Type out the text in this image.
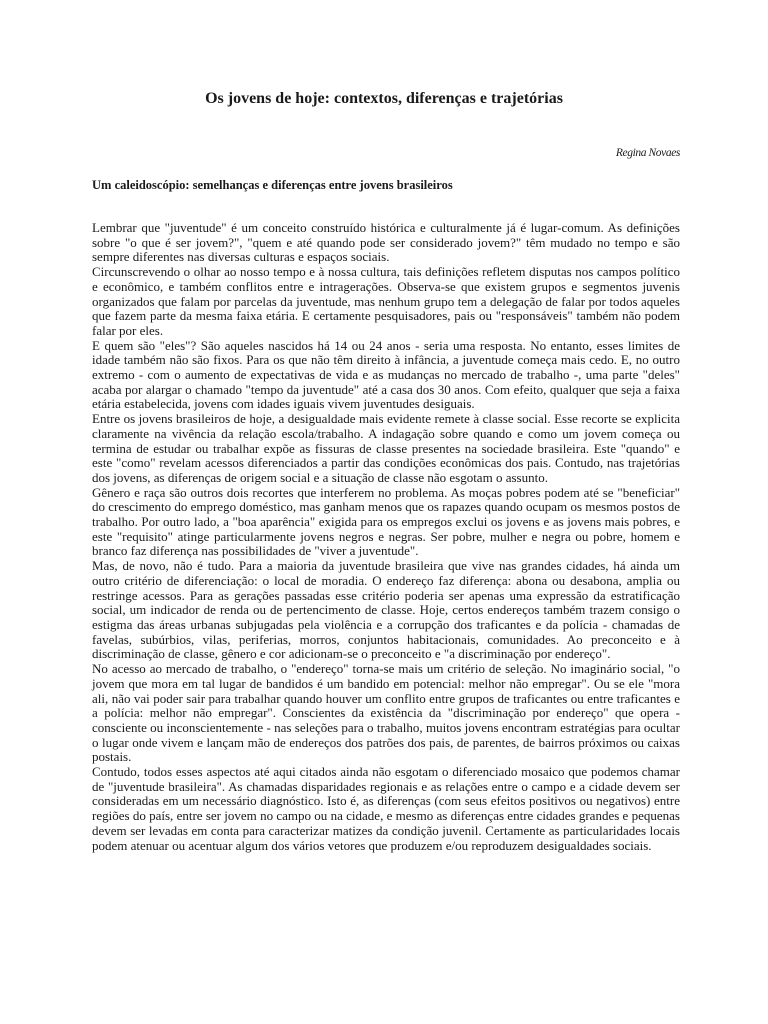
Os jovens de hoje: contextos, diferenças e trajetórias
Regina Novaes
Um caleidoscópio: semelhanças e diferenças entre jovens brasileiros

Lembrar que "juventude" é um conceito construído histórica e culturalmente já é lugar-comum. As definições sobre "o que é ser jovem?", "quem e até quando pode ser considerado jovem?" têm mudado no tempo e são sempre diferentes nas diversas culturas e espaços sociais.

Circunscrevendo o olhar ao nosso tempo e à nossa cultura, tais definições refletem disputas nos campos político e econômico, e também conflitos entre e intragerações. Observa-se que existem grupos e segmentos juvenis organizados que falam por parcelas da juventude, mas nenhum grupo tem a delegação de falar por todos aqueles que fazem parte da mesma faixa etária. E certamente pesquisadores, pais ou "responsáveis" também não podem falar por eles.

E quem são "eles"? São aqueles nascidos há 14 ou 24 anos - seria uma resposta. No entanto, esses limites de idade também não são fixos. Para os que não têm direito à infância, a juventude começa mais cedo. E, no outro extremo - com o aumento de expectativas de vida e as mudanças no mercado de trabalho -, uma parte "deles" acaba por alargar o chamado "tempo da juventude" até a casa dos 30 anos. Com efeito, qualquer que seja a faixa etária estabelecida, jovens com idades iguais vivem juventudes desiguais.

Entre os jovens brasileiros de hoje, a desigualdade mais evidente remete à classe social. Esse recorte se explicita claramente na vivência da relação escola/trabalho. A indagação sobre quando e como um jovem começa ou termina de estudar ou trabalhar expõe as fissuras de classe presentes na sociedade brasileira. Este "quando" e este "como" revelam acessos diferenciados a partir das condições econômicas dos pais. Contudo, nas trajetórias dos jovens, as diferenças de origem social e a situação de classe não esgotam o assunto.

Gênero e raça são outros dois recortes que interferem no problema. As moças pobres podem até se "beneficiar" do crescimento do emprego doméstico, mas ganham menos que os rapazes quando ocupam os mesmos postos de trabalho. Por outro lado, a "boa aparência" exigida para os empregos exclui os jovens e as jovens mais pobres, e este "requisito" atinge particularmente jovens negros e negras. Ser pobre, mulher e negra ou pobre, homem e branco faz diferença nas possibilidades de "viver a juventude".

Mas, de novo, não é tudo. Para a maioria da juventude brasileira que vive nas grandes cidades, há ainda um outro critério de diferenciação: o local de moradia. O endereço faz diferença: abona ou desabona, amplia ou restringe acessos. Para as gerações passadas esse critério poderia ser apenas uma expressão da estratificação social, um indicador de renda ou de pertencimento de classe. Hoje, certos endereços também trazem consigo o estigma das áreas urbanas subjugadas pela violência e a corrupção dos traficantes e da polícia - chamadas de favelas, subúrbios, vilas, periferias, morros, conjuntos habitacionais, comunidades. Ao preconceito e à discriminação de classe, gênero e cor adicionam-se o preconceito e "a discriminação por endereço".

No acesso ao mercado de trabalho, o "endereço" torna-se mais um critério de seleção. No imaginário social, "o jovem que mora em tal lugar de bandidos é um bandido em potencial: melhor não empregar". Ou se ele "mora ali, não vai poder sair para trabalhar quando houver um conflito entre grupos de traficantes ou entre traficantes e a polícia: melhor não empregar". Conscientes da existência da "discriminação por endereço" que opera -consciente ou inconscientemente - nas seleções para o trabalho, muitos jovens encontram estratégias para ocultar o lugar onde vivem e lançam mão de endereços dos patrões dos pais, de parentes, de bairros próximos ou caixas postais.

Contudo, todos esses aspectos até aqui citados ainda não esgotam o diferenciado mosaico que podemos chamar de "juventude brasileira". As chamadas disparidades regionais e as relações entre o campo e a cidade devem ser consideradas em um necessário diagnóstico. Isto é, as diferenças (com seus efeitos positivos ou negativos) entre regiões do país, entre ser jovem no campo ou na cidade, e mesmo as diferenças entre cidades grandes e pequenas devem ser levadas em conta para caracterizar matizes da condição juvenil. Certamente as particularidades locais podem atenuar ou acentuar algum dos vários vetores que produzem e/ou reproduzem desigualdades sociais.
